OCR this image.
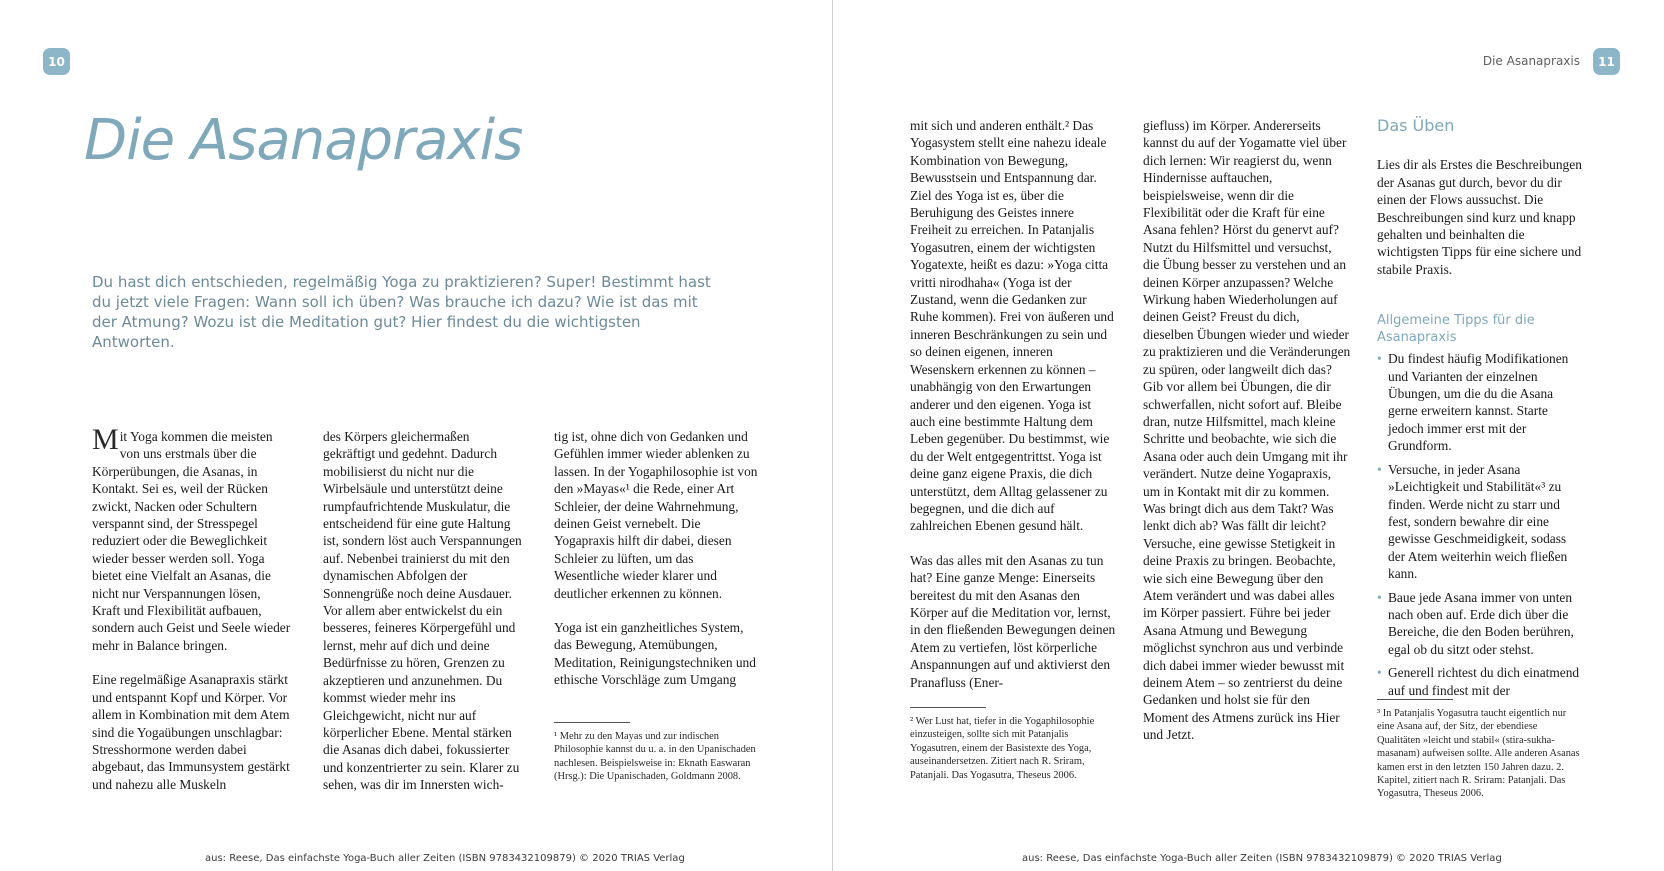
10
Die Asanapraxis
Du hast dich entschieden, regelmäßig Yoga zu praktizieren? Super! Bestimmt hast du jetzt viele Fragen: Wann soll ich üben? Was brauche ich dazu? Wie ist das mit der Atmung? Wozu ist die Meditation gut? Hier findest du die wichtigsten Antworten.

Mit Yoga kommen die meisten von uns erstmals über die Körperübungen, die Asanas, in Kontakt. Sei es, weil der Rücken zwickt, Nacken oder Schultern verspannt sind, der Stresspegel reduziert oder die Beweglichkeit wieder besser werden soll. Yoga bietet eine Vielfalt an Asanas, die nicht nur Verspannungen lösen, Kraft und Flexibilität aufbauen, sondern auch Geist und Seele wieder mehr in Balance bringen.

Eine regelmäßige Asanapraxis stärkt und entspannt Kopf und Körper. Vor allem in Kombination mit dem Atem sind die Yogaübungen unschlagbar: Stresshormone werden dabei abgebaut, das Immunsystem gestärkt und nahezu alle Muskeln

des Körpers gleichermaßen gekräftigt und gedehnt. Dadurch mobilisierst du nicht nur die Wirbelsäule und unterstützt deine rumpfaufrichtende Muskulatur, die entscheidend für eine gute Haltung ist, sondern löst auch Verspannungen auf. Nebenbei trainierst du mit den dynamischen Abfolgen der Sonnengrüße noch deine Ausdauer. Vor allem aber entwickelst du ein besseres, feineres Körpergefühl und lernst, mehr auf dich und deine Bedürfnisse zu hören, Grenzen zu akzeptieren und anzunehmen. Du kommst wieder mehr ins Gleichgewicht, nicht nur auf körperlicher Ebene. Mental stärken die Asanas dich dabei, fokussierter und konzentrierter zu sein. Klarer zu sehen, was dir im Innersten wich-

tig ist, ohne dich von Gedanken und Gefühlen immer wieder ablenken zu lassen. In der Yogaphilosophie ist von den »Mayas«¹ die Rede, einer Art Schleier, der deine Wahrnehmung, deinen Geist vernebelt. Die Yogapraxis hilft dir dabei, diesen Schleier zu lüften, um das Wesentliche wieder klarer und deutlicher erkennen zu können.

Yoga ist ein ganzheitliches System, das Bewegung, Atemübungen, Meditation, Reinigungstechniken und ethische Vorschläge zum Umgang

¹ Mehr zu den Mayas und zur indischen Philosophie kannst du u. a. in den Upanischaden nachlesen. Beispielsweise in: Eknath Easwaran (Hrsg.): Die Upanischaden, Goldmann 2008.

aus: Reese, Das einfachste Yoga-Buch aller Zeiten (ISBN 9783432109879) © 2020 TRIAS Verlag
Die Asanapraxis	11

mit sich und anderen enthält.² Das Yogasystem stellt eine nahezu ideale Kombination von Bewegung, Bewusstsein und Entspannung dar. Ziel des Yoga ist es, über die Beruhigung des Geistes innere Freiheit zu erreichen. In Patanjalis Yogasutren, einem der wichtigsten Yogatexte, heißt es dazu: »Yoga citta vritti nirodhaha« (Yoga ist der Zustand, wenn die Gedanken zur Ruhe kommen). Frei von äußeren und inneren Beschränkungen zu sein und so deinen eigenen, inneren Wesenskern erkennen zu können – unabhängig von den Erwartungen anderer und den eigenen. Yoga ist auch eine bestimmte Haltung dem Leben gegenüber. Du bestimmst, wie du der Welt entgegentrittst. Yoga ist deine ganz eigene Praxis, die dich unterstützt, dem Alltag gelassener zu begegnen, und die dich auf zahlreichen Ebenen gesund hält.

Was das alles mit den Asanas zu tun hat? Eine ganze Menge: Einerseits bereitest du mit den Asanas den Körper auf die Meditation vor, lernst, in den fließenden Bewegungen deinen Atem zu vertiefen, löst körperliche Anspannungen auf und aktivierst den Pranafluss (Ener-

² Wer Lust hat, tiefer in die Yogaphilosophie einzusteigen, sollte sich mit Patanjalis Yogasutren, einem der Basistexte des Yoga, auseinandersetzen. Zitiert nach R. Sriram, Patanjali. Das Yogasutra, Theseus 2006.

giefluss) im Körper. Andererseits kannst du auf der Yogamatte viel über dich lernen: Wir reagierst du, wenn Hindernisse auftauchen, beispielsweise, wenn dir die Flexibilität oder die Kraft für eine Asana fehlen? Hörst du genervt auf? Nutzt du Hilfsmittel und versuchst, die Übung besser zu verstehen und an deinen Körper anzupassen? Welche Wirkung haben Wiederholungen auf deinen Geist? Freust du dich, dieselben Übungen wieder und wieder zu praktizieren und die Veränderungen zu spüren, oder langweilt dich das? Gib vor allem bei Übungen, die dir schwerfallen, nicht sofort auf. Bleibe dran, nutze Hilfsmittel, mach kleine Schritte und beobachte, wie sich die Asana oder auch dein Umgang mit ihr verändert. Nutze deine Yogapraxis, um in Kontakt mit dir zu kommen. Was bringt dich aus dem Takt? Was lenkt dich ab? Was fällt dir leicht? Versuche, eine gewisse Stetigkeit in deine Praxis zu bringen. Beobachte, wie sich eine Bewegung über den Atem verändert und was dabei alles im Körper passiert. Führe bei jeder Asana Atmung und Bewegung möglichst synchron aus und verbinde dich dabei immer wieder bewusst mit deinem Atem – so zentrierst du deine Gedanken und holst sie für den Moment des Atmens zurück ins Hier und Jetzt.

Das Üben

Lies dir als Erstes die Beschreibungen der Asanas gut durch, bevor du dir einen der Flows aussuchst. Die Beschreibungen sind kurz und knapp gehalten und beinhalten die wichtigsten Tipps für eine sichere und stabile Praxis.

Allgemeine Tipps für die Asanapraxis
• Du findest häufig Modifikationen und Varianten der einzelnen Übungen, um die du die Asana gerne erweitern kannst. Starte jedoch immer erst mit der Grundform.
• Versuche, in jeder Asana »Leichtigkeit und Stabilität«³ zu finden. Werde nicht zu starr und fest, sondern bewahre dir eine gewisse Geschmeidigkeit, sodass der Atem weiterhin weich fließen kann.
• Baue jede Asana immer von unten nach oben auf. Erde dich über die Bereiche, die den Boden berühren, egal ob du sitzt oder stehst.
• Generell richtest du dich einatmend auf und findest mit der

³ In Patanjalis Yogasutra taucht eigentlich nur eine Asana auf, der Sitz, der ebendiese Qualitäten »leicht und stabil« (stira-sukha-masanam) aufweisen sollte. Alle anderen Asanas kamen erst in den letzten 150 Jahren dazu. 2. Kapitel, zitiert nach R. Sriram: Patanjali. Das Yogasutra, Theseus 2006.

aus: Reese, Das einfachste Yoga-Buch aller Zeiten (ISBN 9783432109879) © 2020 TRIAS Verlag
